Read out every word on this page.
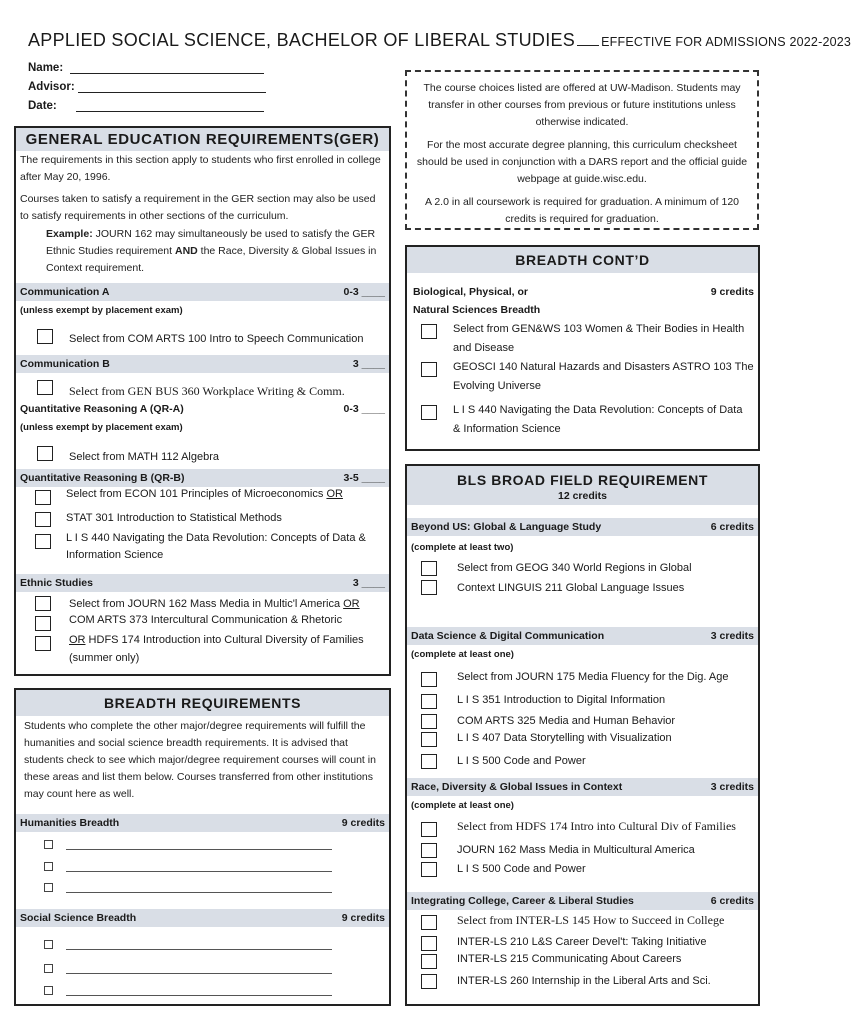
APPLIED SOCIAL SCIENCE, BACHELOR OF LIBERAL STUDIES EFFECTIVE FOR ADMISSIONS 2022-2023
Name:
Advisor:
Date:

The course choices listed are offered at UW-Madison. Students may transfer in other courses from previous or future institutions unless otherwise indicated.

For the most accurate degree planning, this curriculum checksheet should be used in conjunction with a DARS report and the official guide webpage at guide.wisc.edu.

A 2.0 in all coursework is required for graduation. A minimum of 120 credits is required for graduation.

GENERAL EDUCATION REQUIREMENTS(GER)
The requirements in this section apply to students who first enrolled in college after May 20, 1996.
Courses taken to satisfy a requirement in the GER section may also be used to satisfy requirements in other sections of the curriculum.
Example: JOURN 162 may simultaneously be used to satisfy the GER Ethnic Studies requirement AND the Race, Diversity & Global Issues in Context requirement.
Communication A	0-3 ____
(unless exempt by placement exam)
Select from COM ARTS 100 Intro to Speech Communication
Communication B	3 ____
Select from GEN BUS 360 Workplace Writing & Comm.
Quantitative Reasoning A (QR-A)	0-3 ____
(unless exempt by placement exam)
Select from MATH 112 Algebra
Quantitative Reasoning B (QR-B)	3-5 ____
Select from ECON 101 Principles of Microeconomics OR
STAT 301 Introduction to Statistical Methods
L I S 440 Navigating the Data Revolution: Concepts of Data & Information Science
Ethnic Studies	3 ____
Select from JOURN 162 Mass Media in Multic'l America OR
COM ARTS 373 Intercultural Communication & Rhetoric
OR HDFS 174 Introduction into Cultural Diversity of Families (summer only)
BREADTH REQUIREMENTS
Students who complete the other major/degree requirements will fulfill the humanities and social science breadth requirements. It is advised that students check to see which major/degree requirement courses will count in these areas and list them below. Courses transferred from other institutions may count here as well.
Humanities Breadth	9 credits
Social Science Breadth	9 credits
BREADTH CONT’D
Biological, Physical, or
Natural Sciences Breadth
9 credits
Select from GEN&WS 103 Women & Their Bodies in Health and Disease
GEOSCI 140 Natural Hazards and Disasters ASTRO 103 The Evolving Universe
L I S 440 Navigating the Data Revolution: Concepts of Data & Information Science
BLS BROAD FIELD REQUIREMENT
12 credits
Beyond US: Global & Language Study	6 credits
(complete at least two)
Select from GEOG 340 World Regions in Global
Context LINGUIS 211 Global Language Issues
Data Science & Digital Communication	3 credits
(complete at least one)
Select from JOURN 175 Media Fluency for the Dig. Age
L I S 351 Introduction to Digital Information
COM ARTS 325 Media and Human Behavior
L I S 407 Data Storytelling with Visualization
L I S 500 Code and Power
Race, Diversity & Global Issues in Context	3 credits
(complete at least one)
Select from HDFS 174 Intro into Cultural Div of Families
JOURN 162 Mass Media in Multicultural America
L I S 500 Code and Power
Integrating College, Career & Liberal Studies	6 credits
Select from INTER-LS 145 How to Succeed in College
INTER-LS 210 L&S Career Devel't: Taking Initiative
INTER-LS 215 Communicating About Careers
INTER-LS 260 Internship in the Liberal Arts and Sci.
